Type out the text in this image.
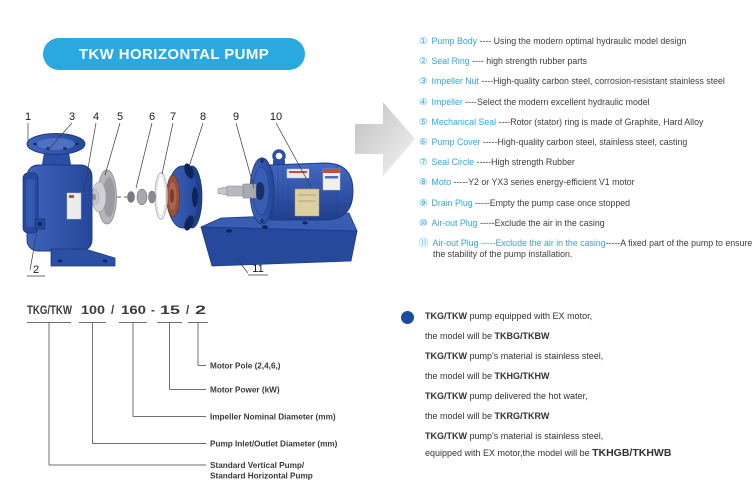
TKW HORIZONTAL PUMP
1	3 4 5 6 7 8 9	10
2	11
① Pump Body ---- Using the modern optimal hydraulic model design
② Seal Ring ---- high strength rubber parts
③ Impeller Nut ----High-quality carbon steel, corrosion-resistant stainless steel
④ Impeller ----Select the modern excellent hydraulic model
⑤ Mechanical Seal ----Rotor (stator) ring is made of Graphite, Hard Alloy
⑥ Pump Cover -----High-quality carbon steel, stainless steel, casting
⑦ Seal Circle -----High strength Rubber
⑧ Moto -----Y2 or YX3 series energy-efficient V1 motor
⑨ Drain Plug -----Empty the pump case once stopped
⑩ Air-out Plug -----Exclude the air in the casing
⑪ Air-out Plug -----Exclude the air in the casing-----A fixed part of the pump to ensure the stability of the pump installation.
TKG/TKW 100 / 160 - 15 / 2
Motor Pole (2,4,6,)
Motor Power (kW)
Impeller Nominal Diameter (mm)
Pump Inlet/Outlet Diameter (mm)
Standard Vertical Pump/
Standard Horizontal Pump
TKG/TKW pump equipped with EX motor,
the model will be TKBG/TKBW
TKG/TKW pump's material is stainless steel,
the model will be TKHG/TKHW
TKG/TKW pump delivered the hot water,
the model will be TKRG/TKRW
TKG/TKW pump's material is stainless steel,
equipped with EX motor,the model will be TKHGB/TKHWB
